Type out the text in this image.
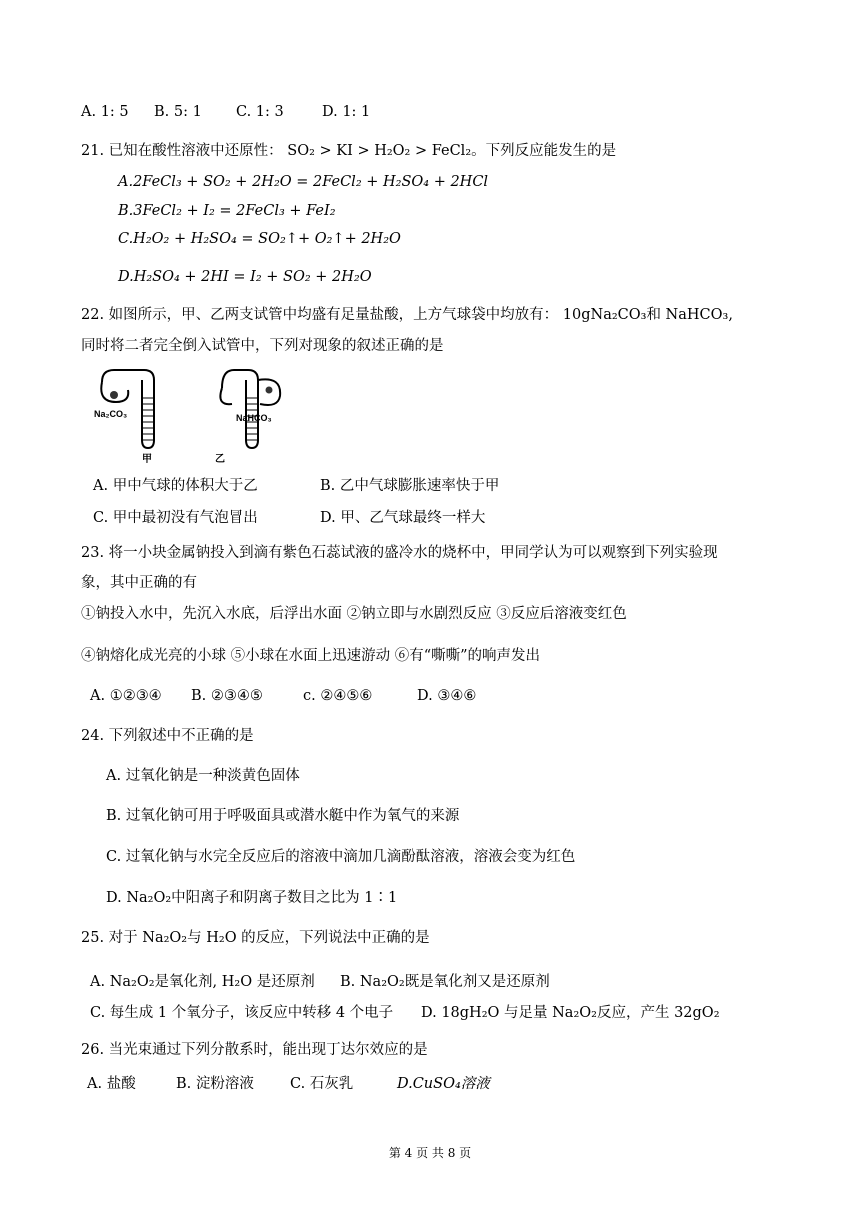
A. 1: 5 B. 5: 1 C. 1: 3	D. 1: 1
21. 已知在酸性溶液中还原性： SO₂ > KI > H₂O₂ > FeCl₂。下列反应能发生的是
A.2FeCl₃ + SO₂ + 2H₂O = 2FeCl₂ + H₂SO₄ + 2HCl
B.3FeCl₂ + I₂ = 2FeCl₃ + FeI₂
C.H₂O₂ + H₂SO₄ = SO₂↑+ O₂↑+ 2H₂O
D.H₂SO₄ + 2HI = I₂ + SO₂ + 2H₂O
22. 如图所示，甲、乙两支试管中均盛有足量盐酸，上方气球袋中均放有： 10gNa₂CO₃和 NaHCO₃,
同时将二者完全倒入试管中，下列对现象的叙述正确的是
Na₂CO₃	NaHCO₃
甲	乙
A. 甲中气球的体积大于乙	B. 乙中气球膨胀速率快于甲
C. 甲中最初没有气泡冒出	D. 甲、乙气球最终一样大
23. 将一小块金属钠投入到滴有紫色石蕊试液的盛冷水的烧杯中，甲同学认为可以观察到下列实验现
象，其中正确的有
①钠投入水中，先沉入水底，后浮出水面 ②钠立即与水剧烈反应 ③反应后溶液变红色
④钠熔化成光亮的小球 ⑤小球在水面上迅速游动 ⑥有“嘶嘶”的响声发出
A. ①②③④ B. ②③④⑤	c. ②④⑤⑥	D. ③④⑥
24. 下列叙述中不正确的是
A. 过氧化钠是一种淡黄色固体
B. 过氧化钠可用于呼吸面具或潜水艇中作为氧气的来源
C. 过氧化钠与水完全反应后的溶液中滴加几滴酚酞溶液，溶液会变为红色
D. Na₂O₂中阳离子和阴离子数目之比为 1∶1
25. 对于 Na₂O₂与 H₂O 的反应，下列说法中正确的是
A. Na₂O₂是氧化剂, H₂O 是还原剂 B. Na₂O₂既是氧化剂又是还原剂
C. 每生成 1 个氧分子，该反应中转移 4 个电子 D. 18gH₂O 与足量 Na₂O₂反应，产生 32gO₂
26. 当光束通过下列分散系时，能出现丁达尔效应的是
A. 盐酸	B. 淀粉溶液 C. 石灰乳	D.CuSO₄溶液
第 4 页 共 8 页
